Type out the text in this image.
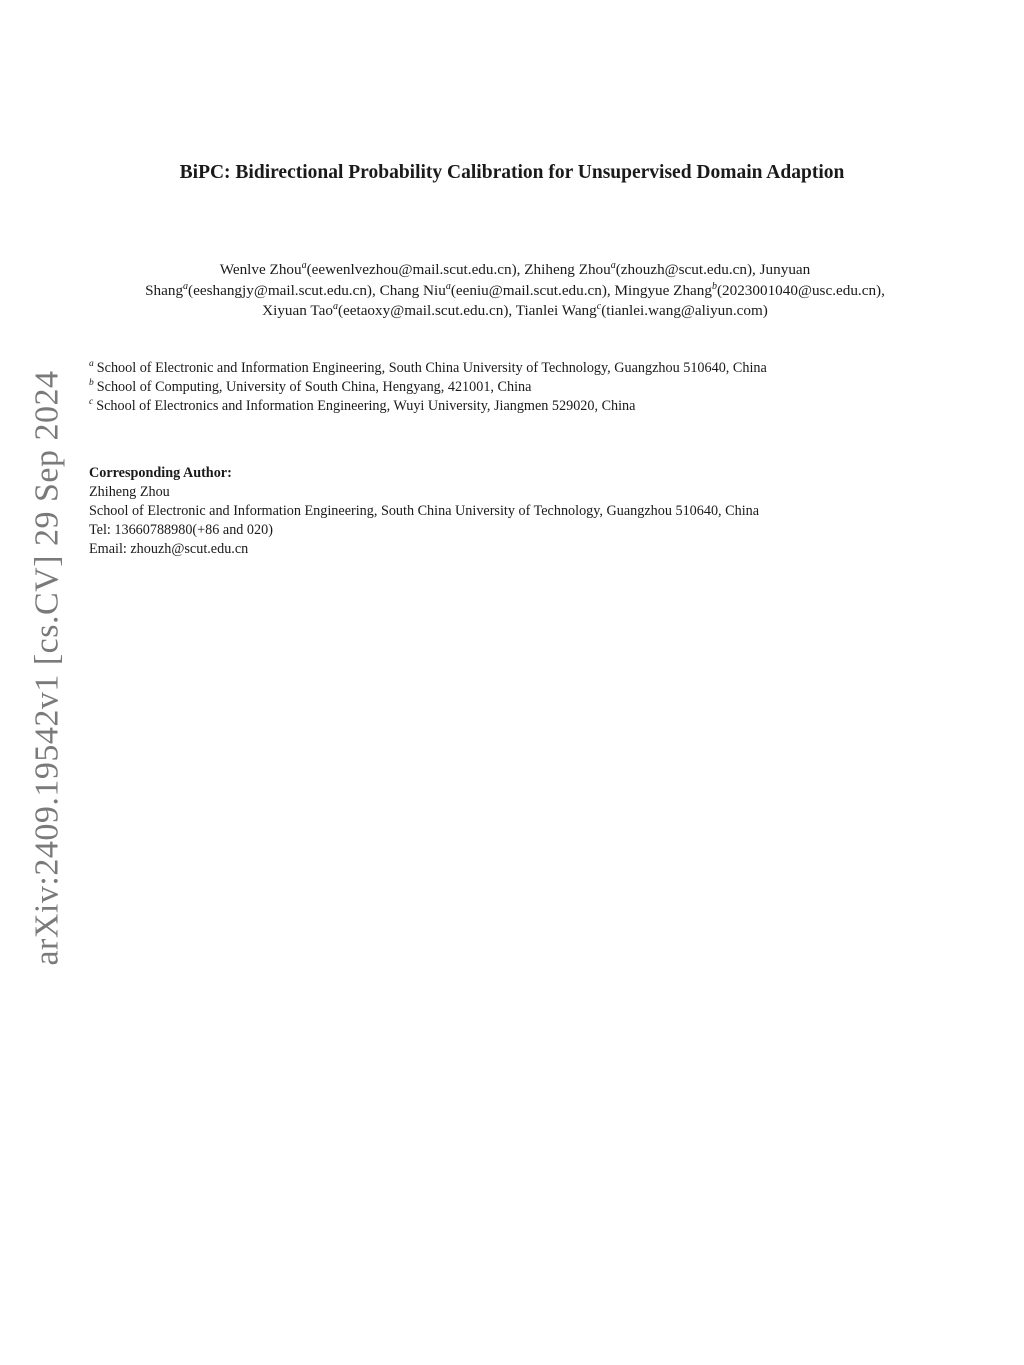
arXiv:2409.19542v1 [cs.CV] 29 Sep 2024
BiPC: Bidirectional Probability Calibration for Unsupervised Domain Adaption
Wenlve Zhou$^a$(eewenlvezhou@mail.scut.edu.cn), Zhiheng Zhou$^a$(zhouzh@scut.edu.cn), Junyuan
Shang$^a$(eeshangjy@mail.scut.edu.cn), Chang Niu$^a$(eeniu@mail.scut.edu.cn), Mingyue Zhang$^b$(2023001040@usc.edu.cn),
Xiyuan Tao$^a$(eetaoxy@mail.scut.edu.cn), Tianlei Wang$^c$(tianlei.wang@aliyun.com)
$^a$ School of Electronic and Information Engineering, South China University of Technology, Guangzhou 510640, China
$^b$ School of Computing, University of South China, Hengyang, 421001, China
$^c$ School of Electronics and Information Engineering, Wuyi University, Jiangmen 529020, China
Corresponding Author:
Zhiheng Zhou
School of Electronic and Information Engineering, South China University of Technology, Guangzhou 510640, China
Tel: 13660788980(+86 and 020)
Email: zhouzh@scut.edu.cn
